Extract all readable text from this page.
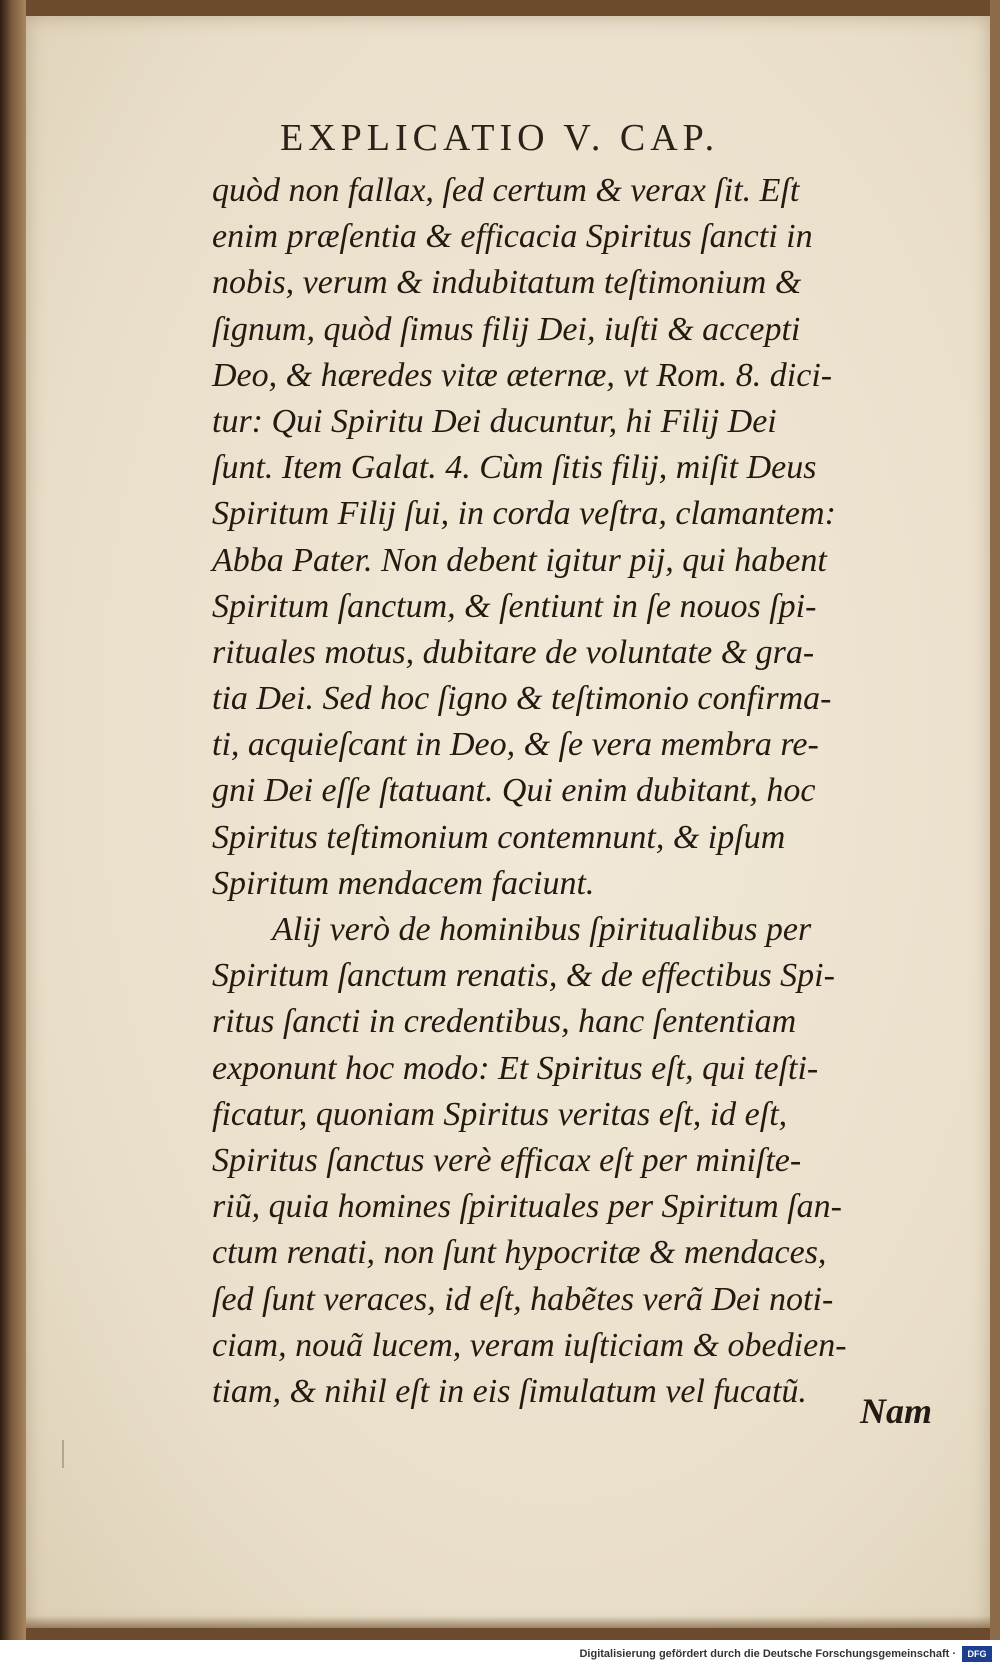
EXPLICATIO V. CAP.

quòd non fallax, ſed certum & verax ſit. Eſt

enim præſentia & efficacia Spiritus ſancti in

nobis, verum & indubitatum teſtimonium &

ſignum, quòd ſimus filij Dei, iuſti & accepti

Deo, & hæredes vitæ æternæ, vt Rom. 8. dici-

tur: Qui Spiritu Dei ducuntur, hi Filij Dei

ſunt. Item Galat. 4. Cùm ſitis filij, miſit Deus

Spiritum Filij ſui, in corda veſtra, clamantem:

Abba Pater. Non debent igitur pij, qui habent

Spiritum ſanctum, & ſentiunt in ſe nouos ſpi-

rituales motus, dubitare de voluntate & gra-

tia Dei. Sed hoc ſigno & teſtimonio confirma-

ti, acquieſcant in Deo, & ſe vera membra re-

gni Dei eſſe ſtatuant. Qui enim dubitant, hoc

Spiritus teſtimonium contemnunt, & ipſum

Spiritum mendacem faciunt.

Alij verò de hominibus ſpiritualibus per

Spiritum ſanctum renatis, & de effectibus Spi-

ritus ſancti in credentibus, hanc ſententiam

exponunt hoc modo: Et Spiritus eſt, qui teſti-

ficatur, quoniam Spiritus veritas eſt, id eſt,

Spiritus ſanctus verè efficax eſt per miniſte-

riũ, quia homines ſpirituales per Spiritum ſan-

ctum renati, non ſunt hypocritæ & mendaces,

ſed ſunt veraces, id eſt, habẽtes verã Dei noti-

ciam, nouã lucem, veram iuſticiam & obedien-

tiam, & nihil eſt in eis ſimulatum vel fucatũ.	Nam
Digitalisierung gefördert durch die Deutsche Forschungsgemeinschaft ·	DFG
